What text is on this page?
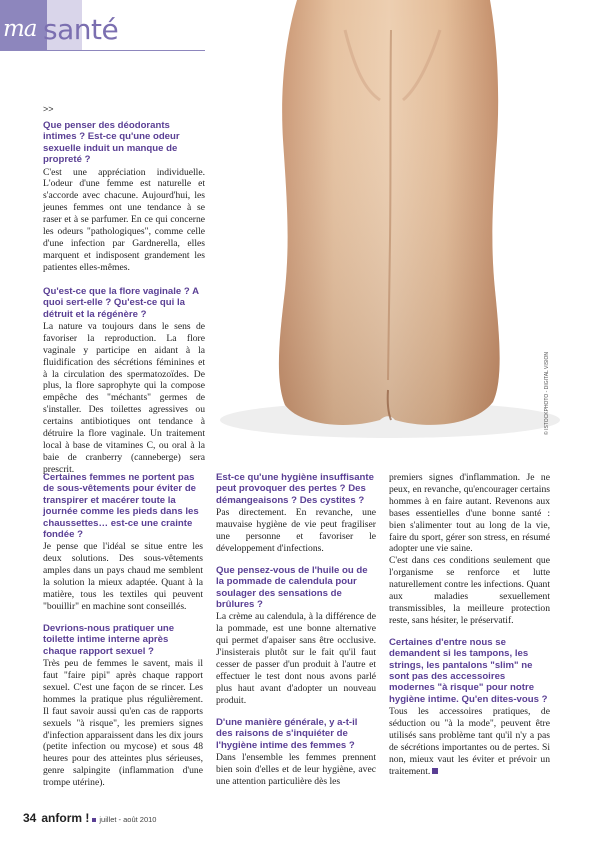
ma santé
© ISTOCKPHOTO - DIGITAL VISION
>>
Que penser des déodorants intimes ? Est-ce qu'une odeur sexuelle induit un manque de propreté ?

C'est une appréciation individuelle. L'odeur d'une femme est naturelle et s'accorde avec chacune. Aujourd'hui, les jeunes femmes ont une tendance à se raser et à se parfumer. En ce qui concerne les odeurs "pathologiques", comme celle d'une infection par Gardnerella, elles marquent et indisposent grandement les patientes elles-mêmes.

Qu'est-ce que la flore vaginale ? A quoi sert-elle ? Qu'est-ce qui la détruit et la régénère ?

La nature va toujours dans le sens de favoriser la reproduction. La flore vaginale y participe en aidant à la fluidification des sécrétions féminines et à la circulation des spermatozoïdes. De plus, la flore saprophyte qui la compose empêche des "méchants" germes de s'installer. Des toilettes agressives ou certains antibiotiques ont tendance à détruire la flore vaginale. Un traitement local à base de vitamines C, ou oral à la baie de cranberry (canneberge) sera prescrit.

Certaines femmes ne portent pas de sous-vêtements pour éviter de transpirer et macérer toute la journée comme les pieds dans les chaussettes… est-ce une crainte fondée ?

Je pense que l'idéal se situe entre les deux solutions. Des sous-vêtements amples dans un pays chaud me semblent la solution la mieux adaptée. Quant à la matière, tous les textiles qui peuvent "bouillir" en machine sont conseillés.

Devrions-nous pratiquer une toilette intime interne après chaque rapport sexuel ?

Très peu de femmes le savent, mais il faut "faire pipi" après chaque rapport sexuel. C'est une façon de se rincer. Les hommes la pratique plus régulièrement. Il faut savoir aussi qu'en cas de rapports sexuels "à risque", les premiers signes d'infection apparaissent dans les dix jours (petite infection ou mycose) et sous 48 heures pour des atteintes plus sérieuses, genre salpingite (inflammation d'une trompe utérine).

Est-ce qu'une hygiène insuffisante peut provoquer des pertes ? Des démangeaisons ? Des cystites ?

Pas directement. En revanche, une mauvaise hygiène de vie peut fragiliser une personne et favoriser le développement d'infections.

Que pensez-vous de l'huile ou de la pommade de calendula pour soulager des sensations de brûlures ?

La crème au calendula, à la différence de la pommade, est une bonne alternative qui permet d'apaiser sans être occlusive. J'insisterais plutôt sur le fait qu'il faut cesser de passer d'un produit à l'autre et effectuer le test dont nous avons parlé plus haut avant d'adopter un nouveau produit.

D'une manière générale, y a-t-il des raisons de s'inquiéter de l'hygiène intime des femmes ?

Dans l'ensemble les femmes prennent bien soin d'elles et de leur hygiène, avec une attention particulière dès les

premiers signes d'inflammation. Je ne peux, en revanche, qu'encourager certains hommes à en faire autant. Revenons aux bases essentielles d'une bonne santé : bien s'alimenter tout au long de la vie, faire du sport, gérer son stress, en résumé adopter une vie saine.

C'est dans ces conditions seulement que l'organisme se renforce et lutte naturellement contre les infections. Quant aux maladies sexuellement transmissibles, la meilleure protection reste, sans hésiter, le préservatif.

Certaines d'entre nous se demandent si les tampons, les strings, les pantalons "slim" ne sont pas des accessoires modernes "à risque" pour notre hygiène intime. Qu'en dites-vous ?

Tous les accessoires pratiques, de séduction ou "à la mode", peuvent être utilisés sans problème tant qu'il n'y a pas de sécrétions importantes ou de pertes. Si non, mieux vaut les éviter et prévoir un traitement.

34 anform ! juillet - août 2010
